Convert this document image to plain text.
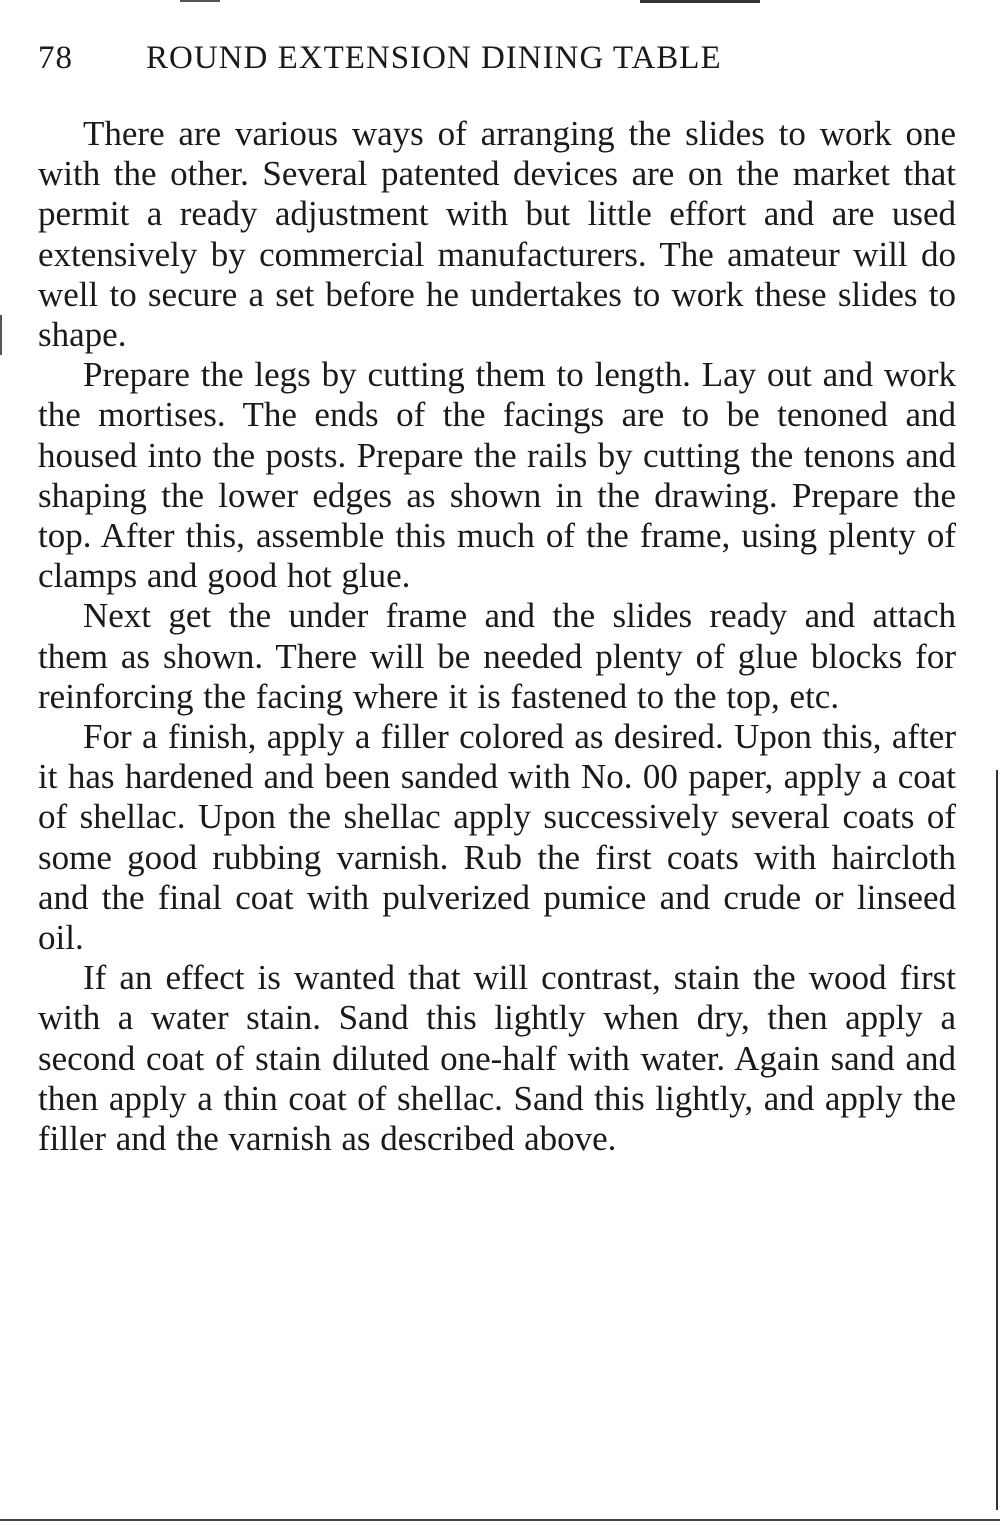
78 ROUND EXTENSION DINING TABLE

There are various ways of arranging the slides to work one with the other. Several patented devices are on the market that permit a ready adjustment with but little effort and are used extensively by commercial manufacturers. The amateur will do well to secure a set before he undertakes to work these slides to shape.

Prepare the legs by cutting them to length. Lay out and work the mortises. The ends of the facings are to be tenoned and housed into the posts. Prepare the rails by cutting the tenons and shaping the lower edges as shown in the drawing. Prepare the top. After this, assemble this much of the frame, using plenty of clamps and good hot glue.

Next get the under frame and the slides ready and attach them as shown. There will be needed plenty of glue blocks for reinforcing the facing where it is fastened to the top, etc.

For a finish, apply a filler colored as desired. Upon this, after it has hardened and been sanded with No. 00 paper, apply a coat of shellac. Upon the shellac apply successively several coats of some good rubbing varnish. Rub the first coats with haircloth and the final coat with pulverized pumice and crude or linseed oil.

If an effect is wanted that will contrast, stain the wood first with a water stain. Sand this lightly when dry, then apply a second coat of stain diluted one-half with water. Again sand and then apply a thin coat of shellac. Sand this lightly, and apply the filler and the varnish as described above.
